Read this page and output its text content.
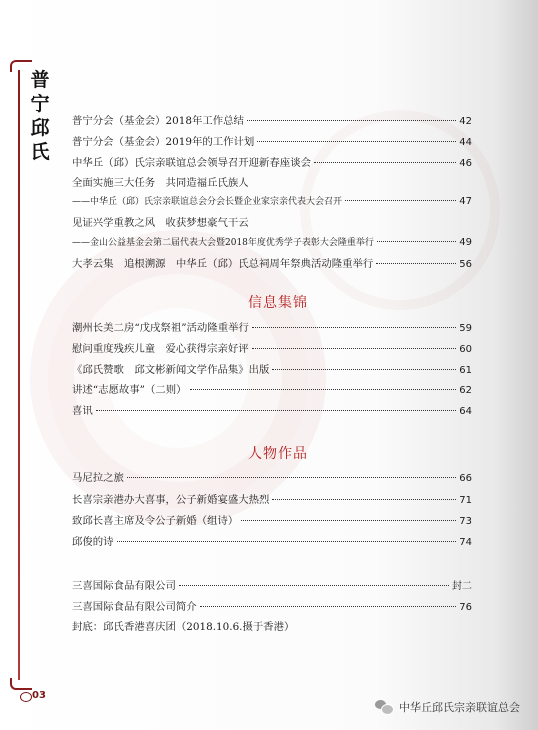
普
宁
邱
氏
普宁分会（基金会）2018年工作总结	42
普宁分会（基金会）2019年的工作计划	44
中华丘（邱）氏宗亲联谊总会领导召开迎新春座谈会	46
全面实施三大任务　共同造福丘氏族人
——中华丘（邱）氏宗亲联谊总会分会长暨企业家宗亲代表大会召开	47
见证兴学重教之风　收获梦想豪气干云
——金山公益基金会第二届代表大会暨2018年度优秀学子表彰大会隆重举行	49
大孝云集　追根溯源　中华丘（邱）氏总祠周年祭典活动隆重举行	56
信息集锦
潮州长美二房“戊戌祭祖”活动隆重举行	59
慰问重度残疾儿童　爱心获得宗亲好评	60
《邱氏赞歌　邱文彬新闻文学作品集》出版	61
讲述“志愿故事”（二则）	62
喜讯	64
人物作品
马尼拉之旅	66
长喜宗亲港办大喜事，公子新婚宴盛大热烈	71
致邱长喜主席及令公子新婚（组诗）	73
邱俊的诗	74
三喜国际食品有限公司	封二
三喜国际食品有限公司简介	76
封底：邱氏香港喜庆团（2018.10.6.摄于香港）
03
中华丘邱氏宗亲联谊总会
